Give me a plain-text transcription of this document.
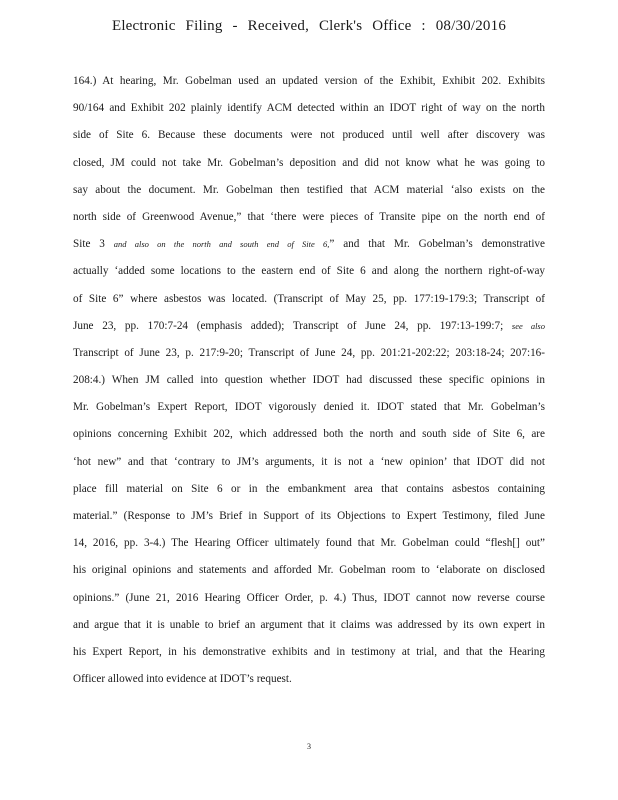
Electronic Filing - Received, Clerk's Office : 08/30/2016
164.) At hearing, Mr. Gobelman used an updated version of the Exhibit, Exhibit 202. Exhibits
90/164 and Exhibit 202 plainly identify ACM detected within an IDOT right of way on the north
side of Site 6. Because these documents were not produced until well after discovery was
closed, JM could not take Mr. Gobelman’s deposition and did not know what he was going to
say about the document. Mr. Gobelman then testified that ACM material ‘also exists on the
north side of Greenwood Avenue,” that ‘there were pieces of Transite pipe on the north end of
Site 3 and also on the north and south end of Site 6,” and that Mr. Gobelman’s demonstrative
actually ‘added some locations to the eastern end of Site 6 and along the northern right-of-way
of Site 6” where asbestos was located. (Transcript of May 25, pp. 177:19-179:3; Transcript of
June 23, pp. 170:7-24 (emphasis added); Transcript of June 24, pp. 197:13-199:7; see also
Transcript of June 23, p. 217:9-20; Transcript of June 24, pp. 201:21-202:22; 203:18-24; 207:16-
208:4.) When JM called into question whether IDOT had discussed these specific opinions in
Mr. Gobelman’s Expert Report, IDOT vigorously denied it. IDOT stated that Mr. Gobelman’s
opinions concerning Exhibit 202, which addressed both the north and south side of Site 6, are
‘hot new” and that ‘contrary to JM’s arguments, it is not a ‘new opinion’ that IDOT did not
place fill material on Site 6 or in the embankment area that contains asbestos containing
material.” (Response to JM’s Brief in Support of its Objections to Expert Testimony, filed June
14, 2016, pp. 3-4.) The Hearing Officer ultimately found that Mr. Gobelman could “flesh[] out”
his original opinions and statements and afforded Mr. Gobelman room to ‘elaborate on disclosed
opinions.” (June 21, 2016 Hearing Officer Order, p. 4.) Thus, IDOT cannot now reverse course
and argue that it is unable to brief an argument that it claims was addressed by its own expert in
his Expert Report, in his demonstrative exhibits and in testimony at trial, and that the Hearing
Officer allowed into evidence at IDOT’s request.
3
